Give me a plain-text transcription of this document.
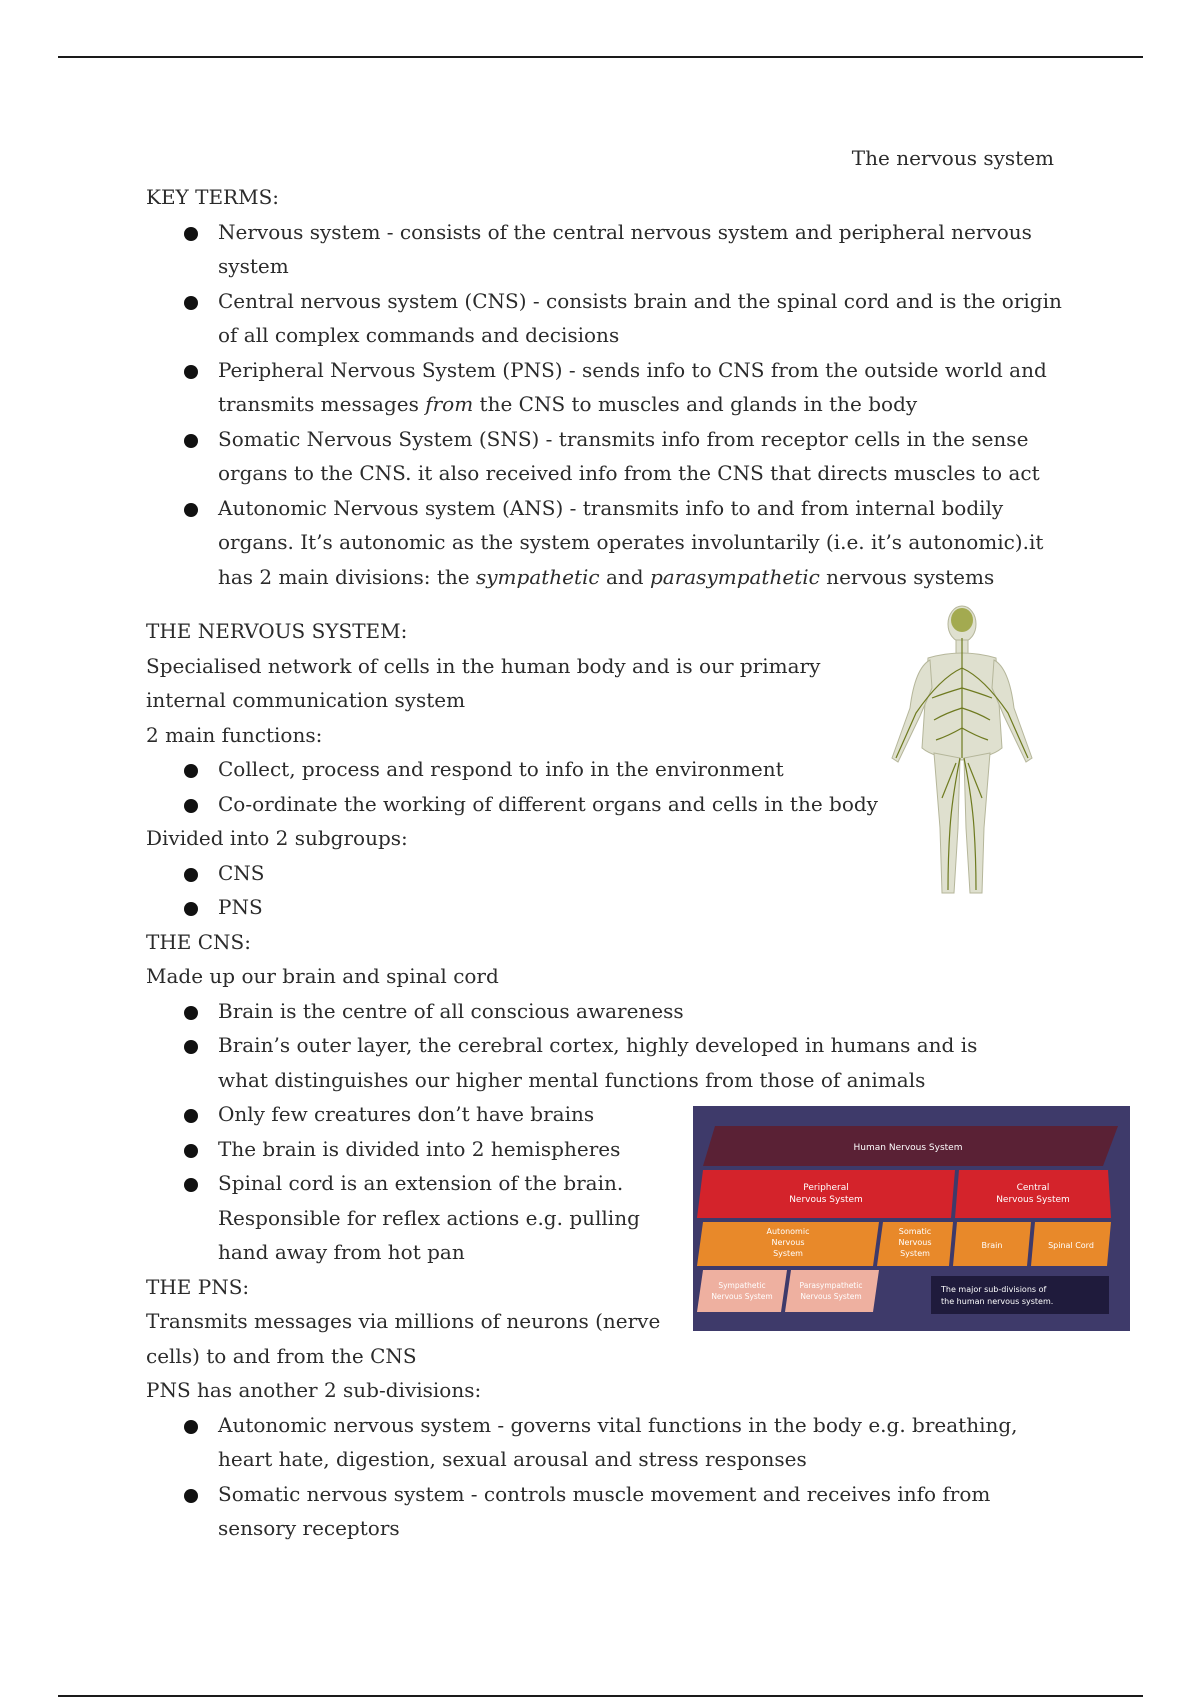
The nervous system
KEY TERMS:
Nervous system - consists of the central nervous system and peripheral nervous system
Central nervous system (CNS) - consists brain and the spinal cord and is the origin of all complex commands and decisions
Peripheral Nervous System (PNS) - sends info to CNS from the outside world and transmits messages from the CNS to muscles and glands in the body
Somatic Nervous System (SNS) - transmits info from receptor cells in the sense organs to the CNS. it also received info from the CNS that directs muscles to act
Autonomic Nervous system (ANS) - transmits info to and from internal bodily organs. It’s autonomic as the system operates involuntarily (i.e. it’s autonomic).it has 2 main divisions: the sympathetic and parasympathetic nervous systems
THE NERVOUS SYSTEM:
Specialised network of cells in the human body and is our primary internal communication system
2 main functions:
Collect, process and respond to info in the environment
Co-ordinate the working of different organs and cells in the body
Divided into 2 subgroups:
CNS
PNS
THE CNS:
Made up our brain and spinal cord
Brain is the centre of all conscious awareness
Brain’s outer layer, the cerebral cortex, highly developed in humans and is what distinguishes our higher mental functions from those of animals
Only few creatures don’t have brains
The brain is divided into 2 hemispheres
Spinal cord is an extension of the brain. Responsible for reflex actions e.g. pulling hand away from hot pan
THE PNS:
Transmits messages via millions of neurons (nerve cells) to and from the CNS
PNS has another 2 sub-divisions:
Autonomic nervous system - governs vital functions in the body e.g. breathing, heart hate, digestion, sexual arousal and stress responses
Somatic nervous system - controls muscle movement and receives info from sensory receptors
Human Nervous System
Peripheral
Nervous System
Central
Nervous System
Autonomic
Nervous
System
Somatic
Nervous
System
Brain	Spinal Cord
Sympathetic
Nervous System
Parasympathetic
Nervous System
The major sub-divisions of
the human nervous system.
